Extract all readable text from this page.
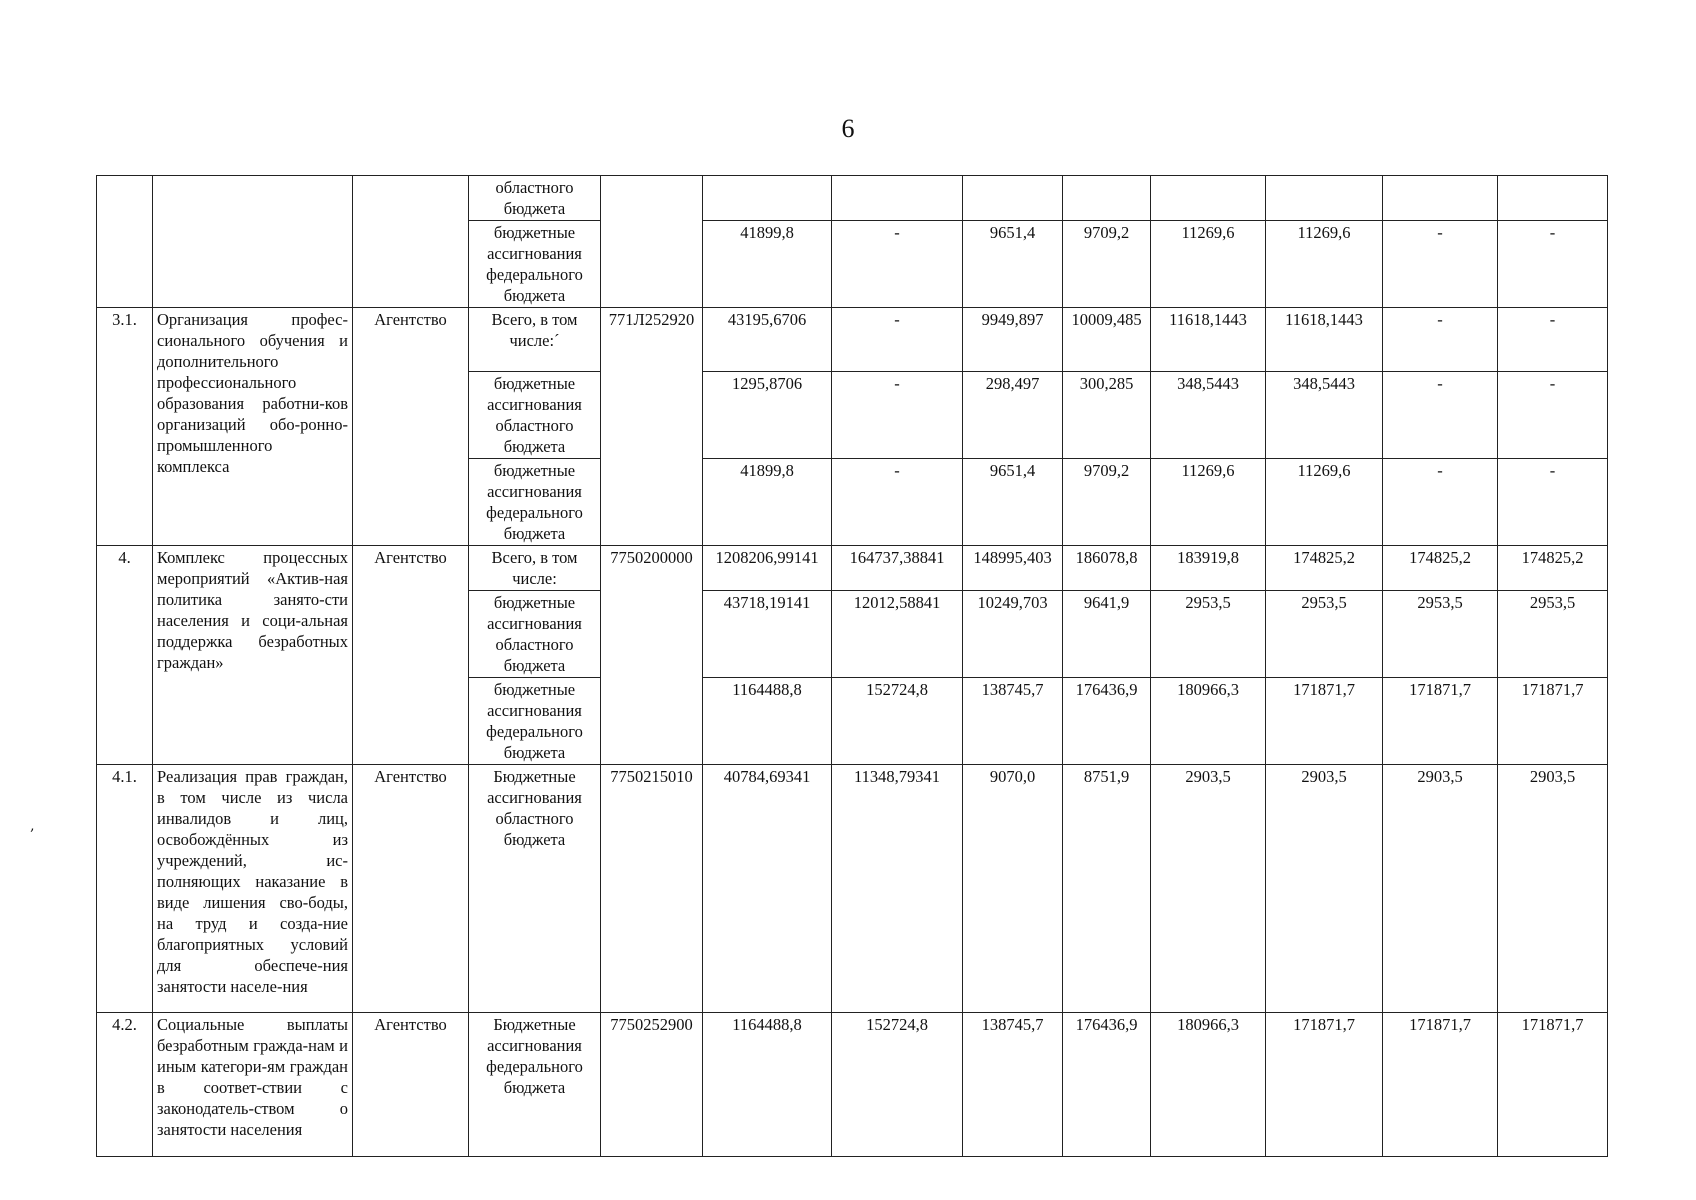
6
‚
			областного бюджета									
			бюджетные ассигнования федерального бюджета		41899,8	-	9651,4	9709,2	11269,6	11269,6	-	-
3.1.	Организация профес-сионального обучения и дополнительного профессионального образования работни-ков организаций обо-ронно-промышленного комплекса	Агентство	Всего, в том числе:´	771Л252920	43195,6706	-	9949,897	10009,485	11618,1443	11618,1443	-	-
			бюджетные ассигнования областного бюджета		1295,8706	-	298,497	300,285	348,5443	348,5443	-	-
			бюджетные ассигнования федерального бюджета		41899,8	-	9651,4	9709,2	11269,6	11269,6	-	-
4.	Комплекс процессных мероприятий «Актив-ная политика занято-сти населения и соци-альная поддержка безработных граждан»	Агентство	Всего, в том числе:	7750200000	1208206,99141	164737,38841	148995,403	186078,8	183919,8	174825,2	174825,2	174825,2
			бюджетные ассигнования областного бюджета		43718,19141	12012,58841	10249,703	9641,9	2953,5	2953,5	2953,5	2953,5
			бюджетные ассигнования федерального бюджета		1164488,8	152724,8	138745,7	176436,9	180966,3	171871,7	171871,7	171871,7
4.1.	Реализация прав граждан, в том числе из числа инвалидов и лиц, освобождённых из учреждений, ис-полняющих наказание в виде лишения сво-боды, на труд и созда-ние благоприятных условий для обеспече-ния занятости населе-ния	Агентство	Бюджетные ассигнования областного бюджета	7750215010	40784,69341	11348,79341	9070,0	8751,9	2903,5	2903,5	2903,5	2903,5
4.2.	Социальные выплаты безработным гражда-нам и иным категори-ям граждан в соответ-ствии с законодатель-ством о занятости населения	Агентство	Бюджетные ассигнования федерального бюджета	7750252900	1164488,8	152724,8	138745,7	176436,9	180966,3	171871,7	171871,7	171871,7
